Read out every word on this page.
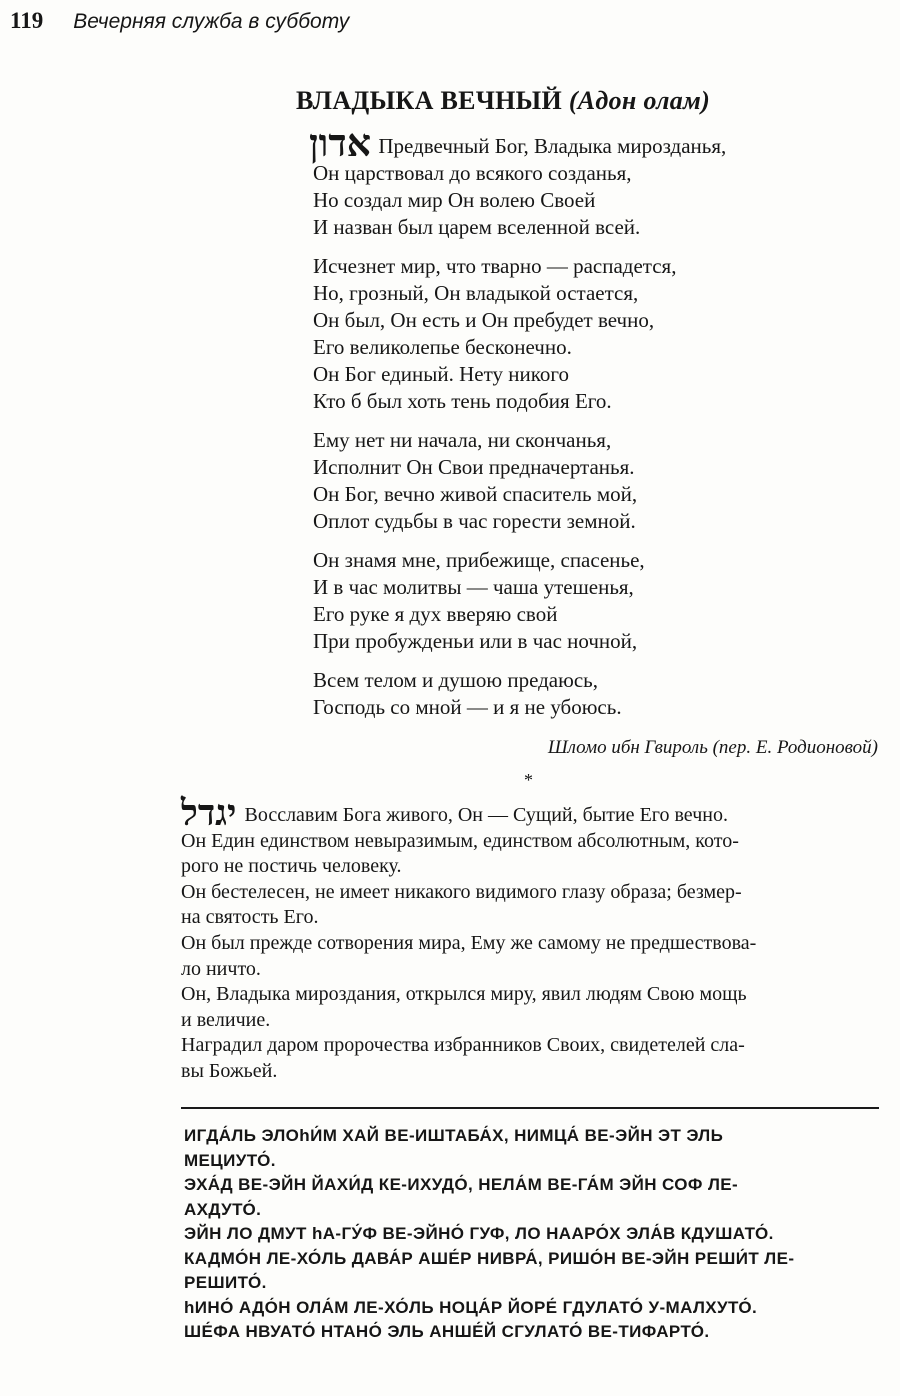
119 Вечерняя служба в субботу
ВЛАДЫКА ВЕЧНЫЙ (Адон олам)
אדון Предвечный Бог, Владыка мирозданья,
Он царствовал до всякого созданья,
Но создал мир Он волею Своей
И назван был царем вселенной всей.
Исчезнет мир, что тварно — распадется,
Но, грозный, Он владыкой остается,
Он был, Он есть и Он пребудет вечно,
Его великолепье бесконечно.
Он Бог единый. Нету никого
Кто б был хоть тень подобия Его.
Ему нет ни начала, ни скончанья,
Исполнит Он Свои предначертанья.
Он Бог, вечно живой спаситель мой,
Оплот судьбы в час горести земной.
Он знамя мне, прибежище, спасенье,
И в час молитвы — чаша утешенья,
Его руке я дух вверяю свой
При пробужденьи или в час ночной,
Всем телом и душою предаюсь,
Господь со мной — и я не убоюсь.
Шломо ибн Гвироль (пер. Е. Родионовой)
*
יגדל Восславим Бога живого, Он — Сущий, бытие Его вечно.
Он Един единством невыразимым, единством абсолютным, кото-
рого не постичь человеку.
Он бестелесен, не имеет никакого видимого глазу образа; безмер-
на святость Его.
Он был прежде сотворения мира, Ему же самому не предшествова-
ло ничто.
Он, Владыка мироздания, открылся миру, явил людям Свою мощь
и величие.
Наградил даром пророчества избранников Своих, свидетелей сла-
вы Божьей.
ИГДА́ЛЬ ЭЛОhИ́М ХАЙ ВЕ-ИШТАБА́Х, НИМЦА́ ВЕ-ЭЙН ЭТ ЭЛЬ
МЕЦИУТО́.
ЭХА́Д ВЕ-ЭЙН ЙАХИ́Д КЕ-ИХУДО́, НЕЛА́М ВЕ-ГА́М ЭЙН СОФ ЛЕ-
АХДУТО́.
ЭЙН ЛО ДМУТ hА-ГУ́Ф ВЕ-ЭЙНО́ ГУФ, ЛО НААРО́Х ЭЛА́В КДУШАТО́.
КАДМО́Н ЛЕ-ХО́ЛЬ ДАВА́Р АШЕ́Р НИВРА́, РИШО́Н ВЕ-ЭЙН РЕШИ́Т ЛЕ-
РЕШИТО́.
hИНО́ АДО́Н ОЛА́М ЛЕ-ХО́ЛЬ НОЦА́Р ЙОРЕ́ ГДУЛАТО́ У-МАЛХУТО́.
ШЕ́ФА НВУАТО́ НТАНО́ ЭЛЬ АНШЕ́Й СГУЛАТО́ ВЕ-ТИФАРТО́.
